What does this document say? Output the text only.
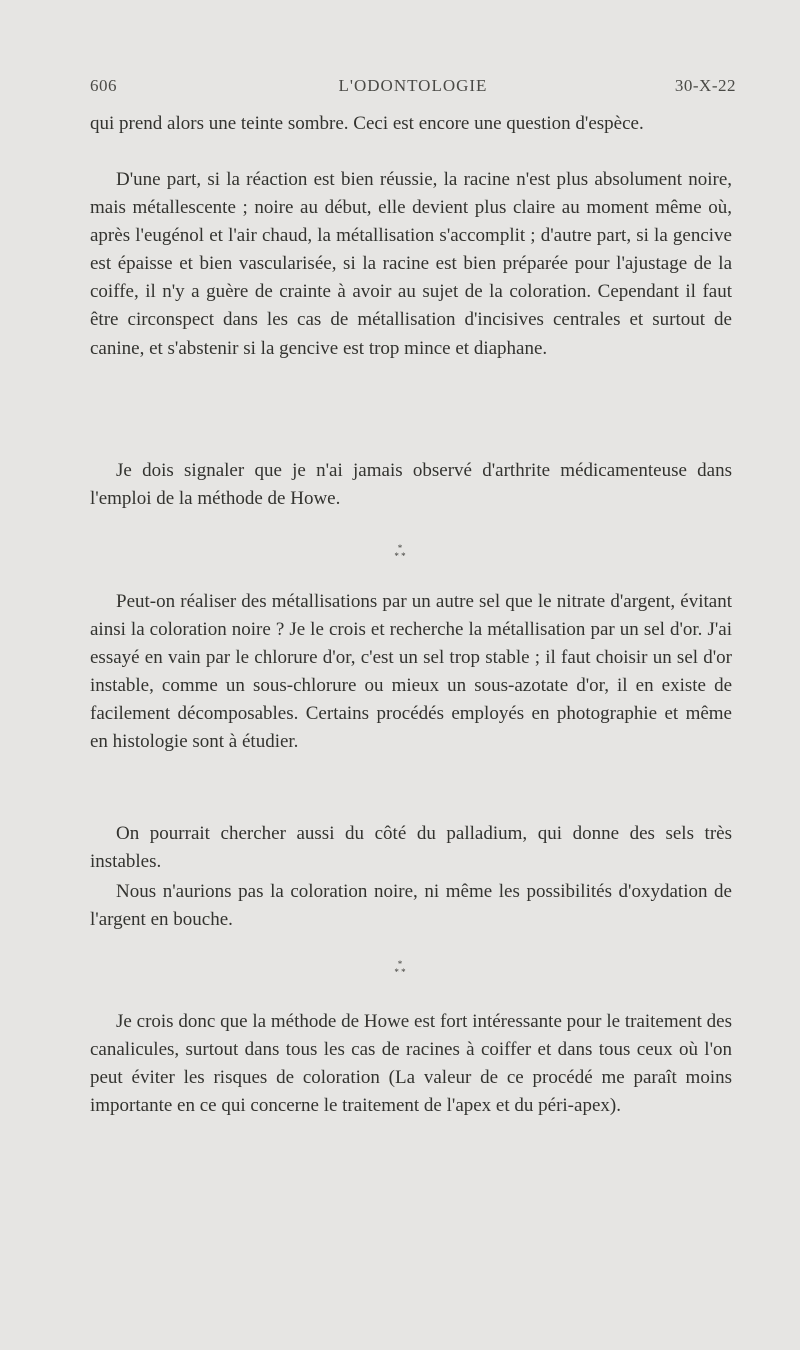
606	L'ODONTOLOGIE	30-X-22

qui prend alors une teinte sombre. Ceci est encore une question d'espèce.

D'une part, si la réaction est bien réussie, la racine n'est plus absolument noire, mais métallescente ; noire au début, elle devient plus claire au moment même où, après l'eugénol et l'air chaud, la métallisation s'accomplit ; d'autre part, si la gencive est épaisse et bien vascularisée, si la racine est bien préparée pour l'ajustage de la coiffe, il n'y a guère de crainte à avoir au sujet de la coloration. Cependant il faut être circonspect dans les cas de métallisation d'incisives centrales et surtout de canine, et s'abstenir si la gencive est trop mince et diaphane.

Je dois signaler que je n'ai jamais observé d'arthrite médicamenteuse dans l'emploi de la méthode de Howe.

*
* *

Peut-on réaliser des métallisations par un autre sel que le nitrate d'argent, évitant ainsi la coloration noire ? Je le crois et recherche la métallisation par un sel d'or. J'ai essayé en vain par le chlorure d'or, c'est un sel trop stable ; il faut choisir un sel d'or instable, comme un sous-chlorure ou mieux un sous-azotate d'or, il en existe de facilement décomposables. Certains procédés employés en photographie et même en histologie sont à étudier.

On pourrait chercher aussi du côté du palladium, qui donne des sels très instables.

Nous n'aurions pas la coloration noire, ni même les possibilités d'oxydation de l'argent en bouche.

*
* *

Je crois donc que la méthode de Howe est fort intéressante pour le traitement des canalicules, surtout dans tous les cas de racines à coiffer et dans tous ceux où l'on peut éviter les risques de coloration (La valeur de ce procédé me paraît moins importante en ce qui concerne le traitement de l'apex et du péri-apex).
